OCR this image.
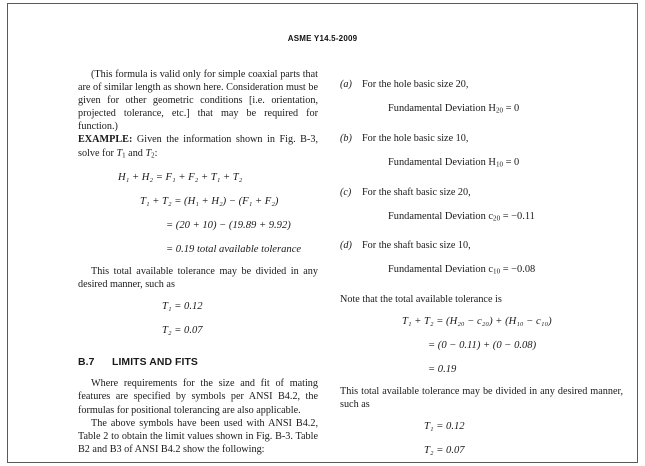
ASME Y14.5-2009

(This formula is valid only for simple coaxial parts that are of similar length as shown here. Consideration must be given for other geometric conditions [i.e. orientation, projected tolerance, etc.] that may be required for function.)

EXAMPLE: Given the information shown in Fig. B-3, solve for $T_1$ and $T_2$:

H₁ + H₂ = F₁ + F₂ + T₁ + T₂
T₁ + T₂ = (H₁ + H₂) − (F₁ + F₂)
= (20 + 10) − (19.89 + 9.92)
= 0.19 total available tolerance

This total available tolerance may be divided in any desired manner, such as

T₁ = 0.12
T₂ = 0.07
B.7 LIMITS AND FITS

Where requirements for the size and fit of mating features are specified by symbols per ANSI B4.2, the formulas for positional tolerancing are also applicable.

The above symbols have been used with ANSI B4.2, Table 2 to obtain the limit values shown in Fig. B-3. Table B2 and B3 of ANSI B4.2 show the following:

(a) For the hole basic size 20,

Fundamental Deviation $H_{20} = 0$

(b) For the hole basic size 10,

Fundamental Deviation $H_{10} = 0$

(c) For the shaft basic size 20,

Fundamental Deviation $c_{20} = -0.11$

(d) For the shaft basic size 10,

Fundamental Deviation $c_{10} = -0.08$

Note that the total available tolerance is

T₁ + T₂ = (H₂₀ − c₂₀) + (H₁₀ − c₁₀)
= (0 − 0.11) + (0 − 0.08)
= 0.19

This total available tolerance may be divided in any desired manner, such as

T₁ = 0.12
T₂ = 0.07
